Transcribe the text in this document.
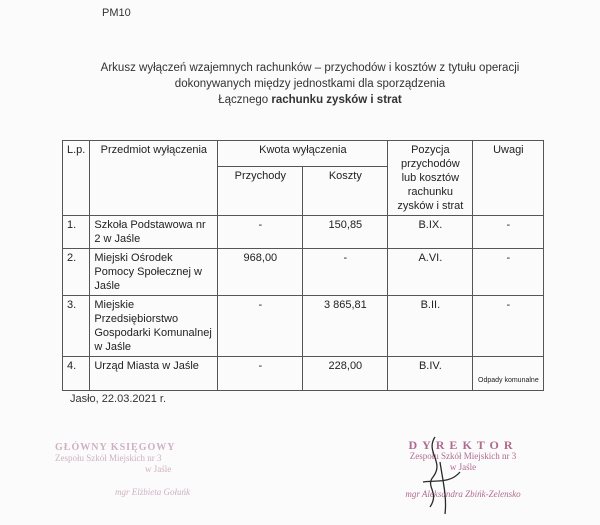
PM10
Arkusz wyłączeń wzajemnych rachunków – przychodów i kosztów z tytułu operacji
dokonywanych między jednostkami dla sporządzenia
Łącznego rachunku zysków i strat
L.p.	Przedmiot wyłączenia	Kwota wyłączenia		Pozycja przychodów lub kosztów rachunku zysków i strat	Uwagi
		Przychody	Koszty		
1.	Szkoła Podstawowa nr 2 w Jaśle	-	150,85	B.IX.	-
2.	Miejski Ośrodek Pomocy Społecznej w Jaśle	968,00	-	A.VI.	-
3.	Miejskie Przedsiębiorstwo Gospodarki Komunalnej w Jaśle	-	3 865,81	B.II.	-
4.	Urząd Miasta w Jaśle	-	228,00	B.IV.	Odpady komunalne
Jasło, 22.03.2021 r.
GŁÓWNY KSIĘGOWY
Zespołu Szkół Miejskich nr 3
w Jaśle
mgr Elżbieta Gołuńk
DYREKTOR
Zespołu Szkół Miejskich nr 3
w Jaśle
mgr Aleksandra Zbińk-Zelensko
